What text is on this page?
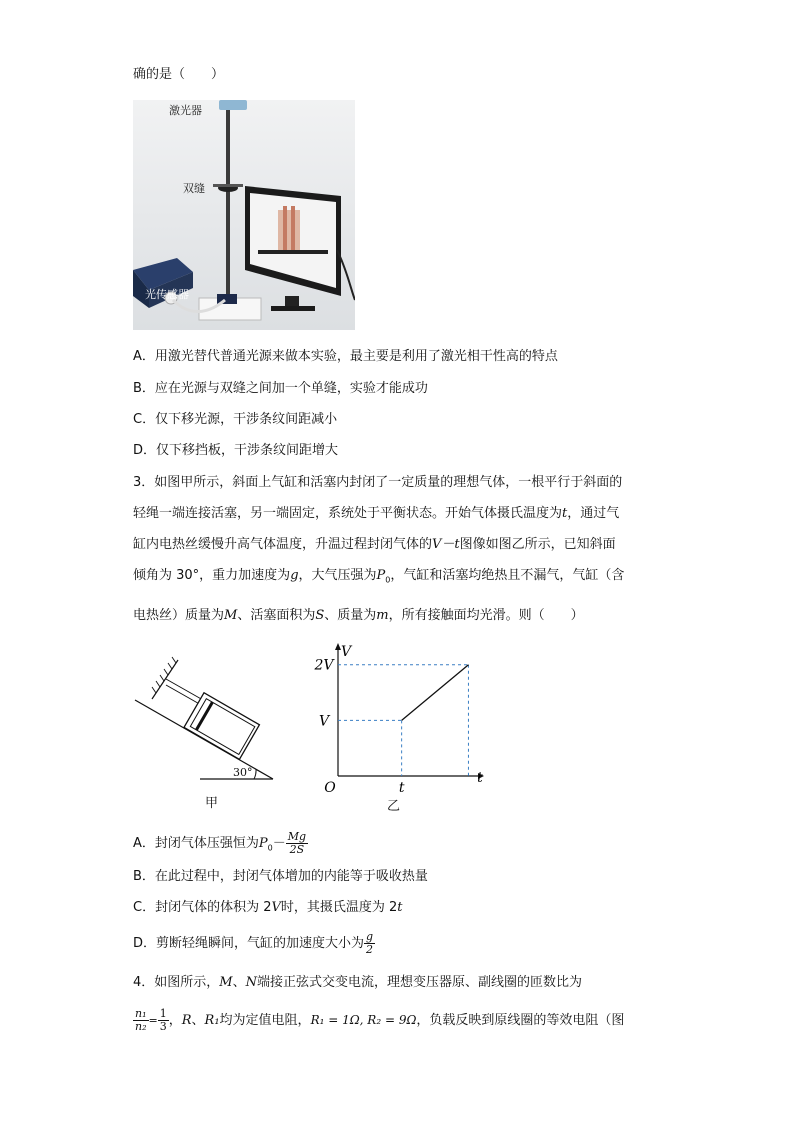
确的是（　　）
激光器
双缝
光传感器
A．用激光替代普通光源来做本实验，最主要是利用了激光相干性高的特点
B．应在光源与双缝之间加一个单缝，实验才能成功
C．仅下移光源，干涉条纹间距减小
D．仅下移挡板，干涉条纹间距增大
3．如图甲所示，斜面上气缸和活塞内封闭了一定质量的理想气体，一根平行于斜面的
轻绳一端连接活塞，另一端固定，系统处于平衡状态。开始气体摄氏温度为t，通过气
缸内电热丝缓慢升高气体温度，升温过程封闭气体的V－t图像如图乙所示，已知斜面
倾角为 30°，重力加速度为g，大气压强为$P_0$，气缸和活塞均绝热且不漏气，气缸（含
电热丝）质量为M、活塞面积为S、质量为m，所有接触面均光滑。则（　　）
30°
甲
V
2V
t
O
V
t
乙
A．封闭气体压强恒为$P_0- \frac{Mg}{2S}$
B．在此过程中，封闭气体增加的内能等于吸收热量
C．封闭气体的体积为 2V时，其摄氏温度为 2t
D．剪断轻绳瞬间，气缸的加速度大小为 $\frac{g}{2}$
4．如图所示，M、N端接正弦式交变电流，理想变压器原、副线圈的匝数比为
$\frac{\text{n₁}}{\text{n₂}} = \frac{1}{3}$ ，R、R₁均为定值电阻，R₁ = 1Ω, R₂ = 9Ω，负载反映到原线圈的等效电阻（图
